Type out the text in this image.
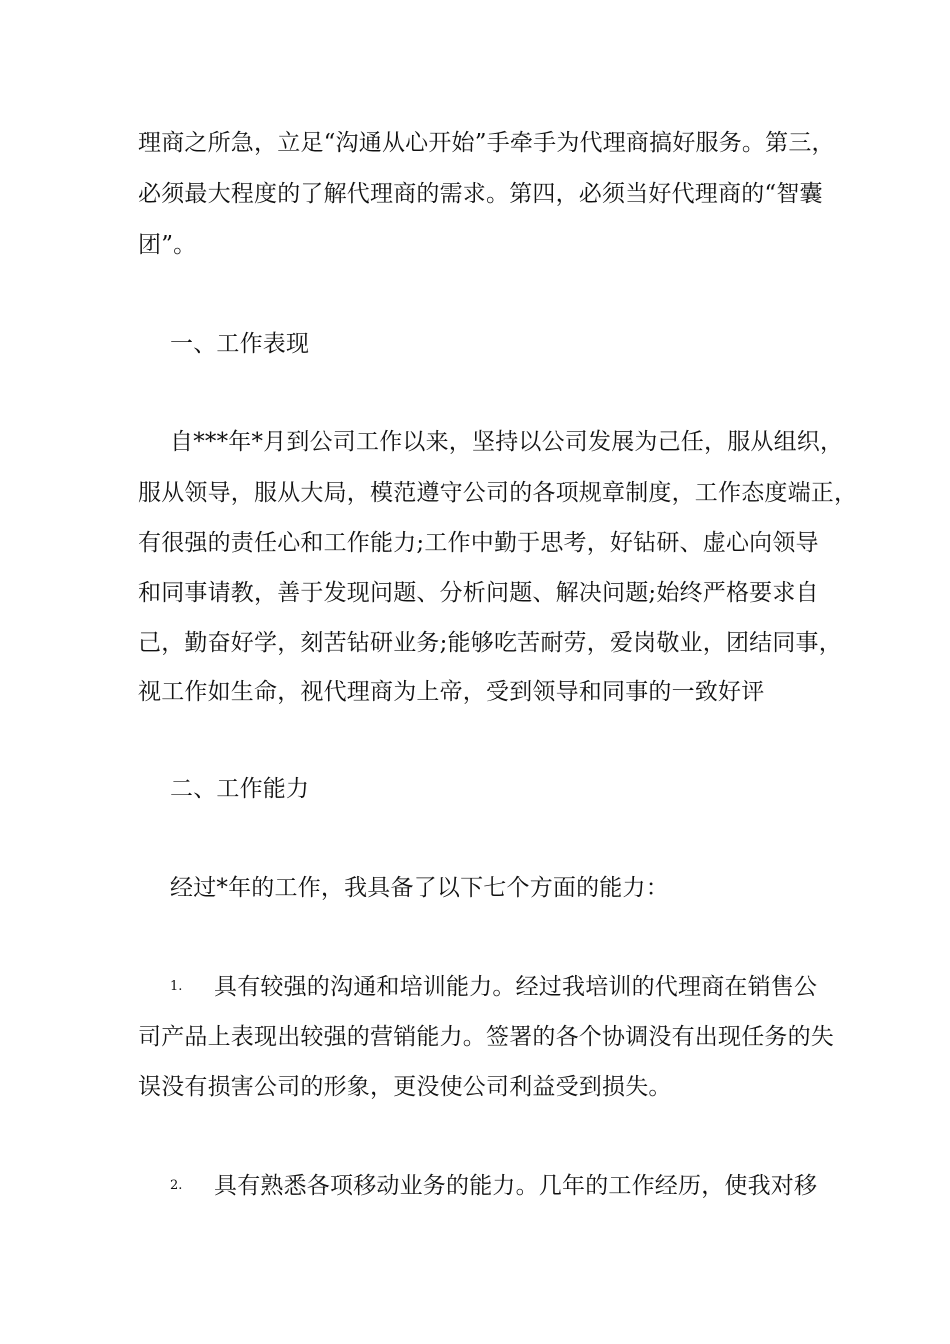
理商之所急，立足“沟通从心开始”手牵手为代理商搞好服务。第三，
必须最大程度的了解代理商的需求。第四，必须当好代理商的“智囊
团”。
一、工作表现
自***年*月到公司工作以来，坚持以公司发展为己任，服从组织，
服从领导，服从大局，模范遵守公司的各项规章制度，工作态度端正，
有很强的责任心和工作能力;工作中勤于思考，好钻研、虚心向领导
和同事请教，善于发现问题、分析问题、解决问题;始终严格要求自
己，勤奋好学，刻苦钻研业务;能够吃苦耐劳，爱岗敬业，团结同事，
视工作如生命，视代理商为上帝，受到领导和同事的一致好评
二、工作能力
经过*年的工作，我具备了以下七个方面的能力：
1. 具有较强的沟通和培训能力。经过我培训的代理商在销售公
司产品上表现出较强的营销能力。签署的各个协调没有出现任务的失
误没有损害公司的形象，更没使公司利益受到损失。
2. 具有熟悉各项移动业务的能力。几年的工作经历，使我对移
